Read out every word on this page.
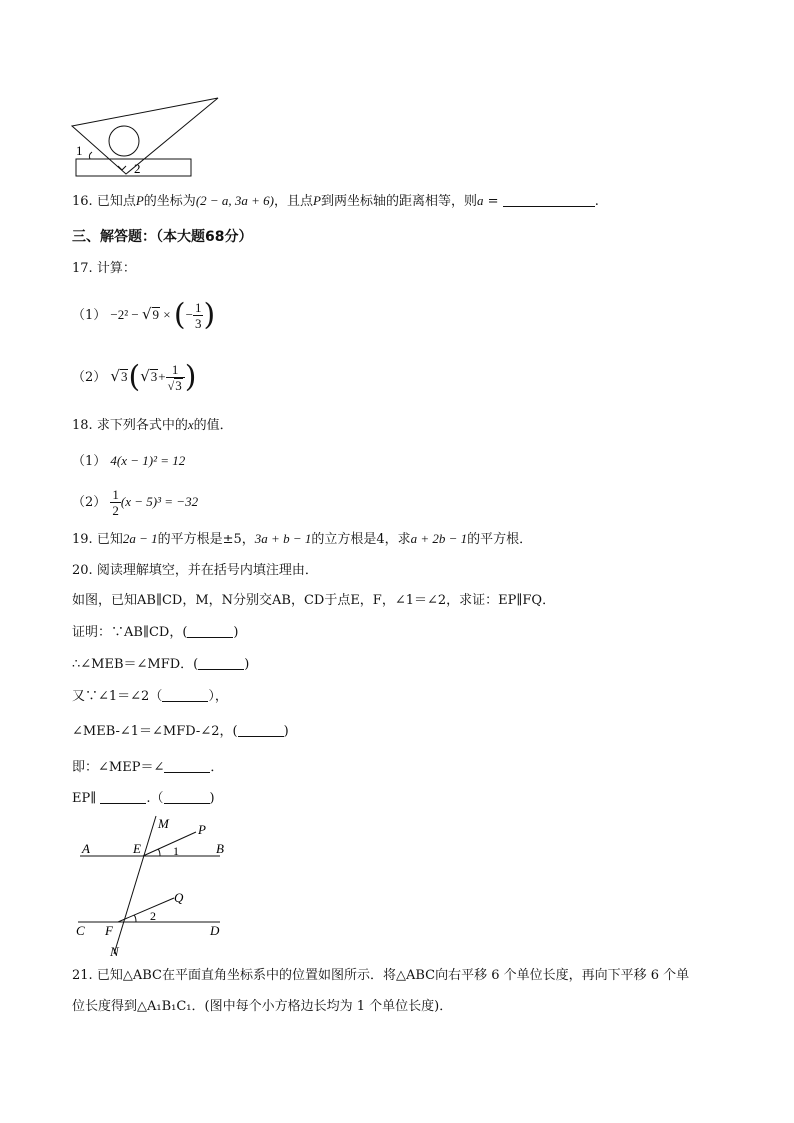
1
2
16. 已知点P的坐标为(2 − a, 3a + 6)，且点P到两坐标轴的距离相等，则a =	.
三、解答题：（本大题68分）
17. 计算：
（1） −2² − √9 × (− $\frac{1}{3}$ )
（2） $√3(√3+ \frac{1}{√3}$ )
18. 求下列各式中的x的值．
（1） 4(x − 1)² = 12
$(2) \frac{1}{2} (x - 5)^3 = -32$
19. 已知2a − 1的平方根是±5，3a + b − 1的立方根是4，求a + 2b − 1的平方根．
20. 阅读理解填空，并在括号内填注理由．
如图，已知AB∥CD，M，N分别交AB，CD于点E，F，∠1＝∠2，求证：EP∥FQ．
证明：∵AB∥CD，(	)
∴∠MEB＝∠MFD．(	)
又∵∠1＝∠2（	），
∠MEB-∠1＝∠MFD-∠2，(	)
即：∠MEP＝∠	．
EP∥	.（	)
A	B
C	D
E
F
M
N
P
Q
1
2
21. 已知△ABC在平面直角坐标系中的位置如图所示．将△ABC向右平移 6 个单位长度，再向下平移 6 个单
位长度得到△A₁B₁C₁．(图中每个小方格边长均为 1 个单位长度)．
